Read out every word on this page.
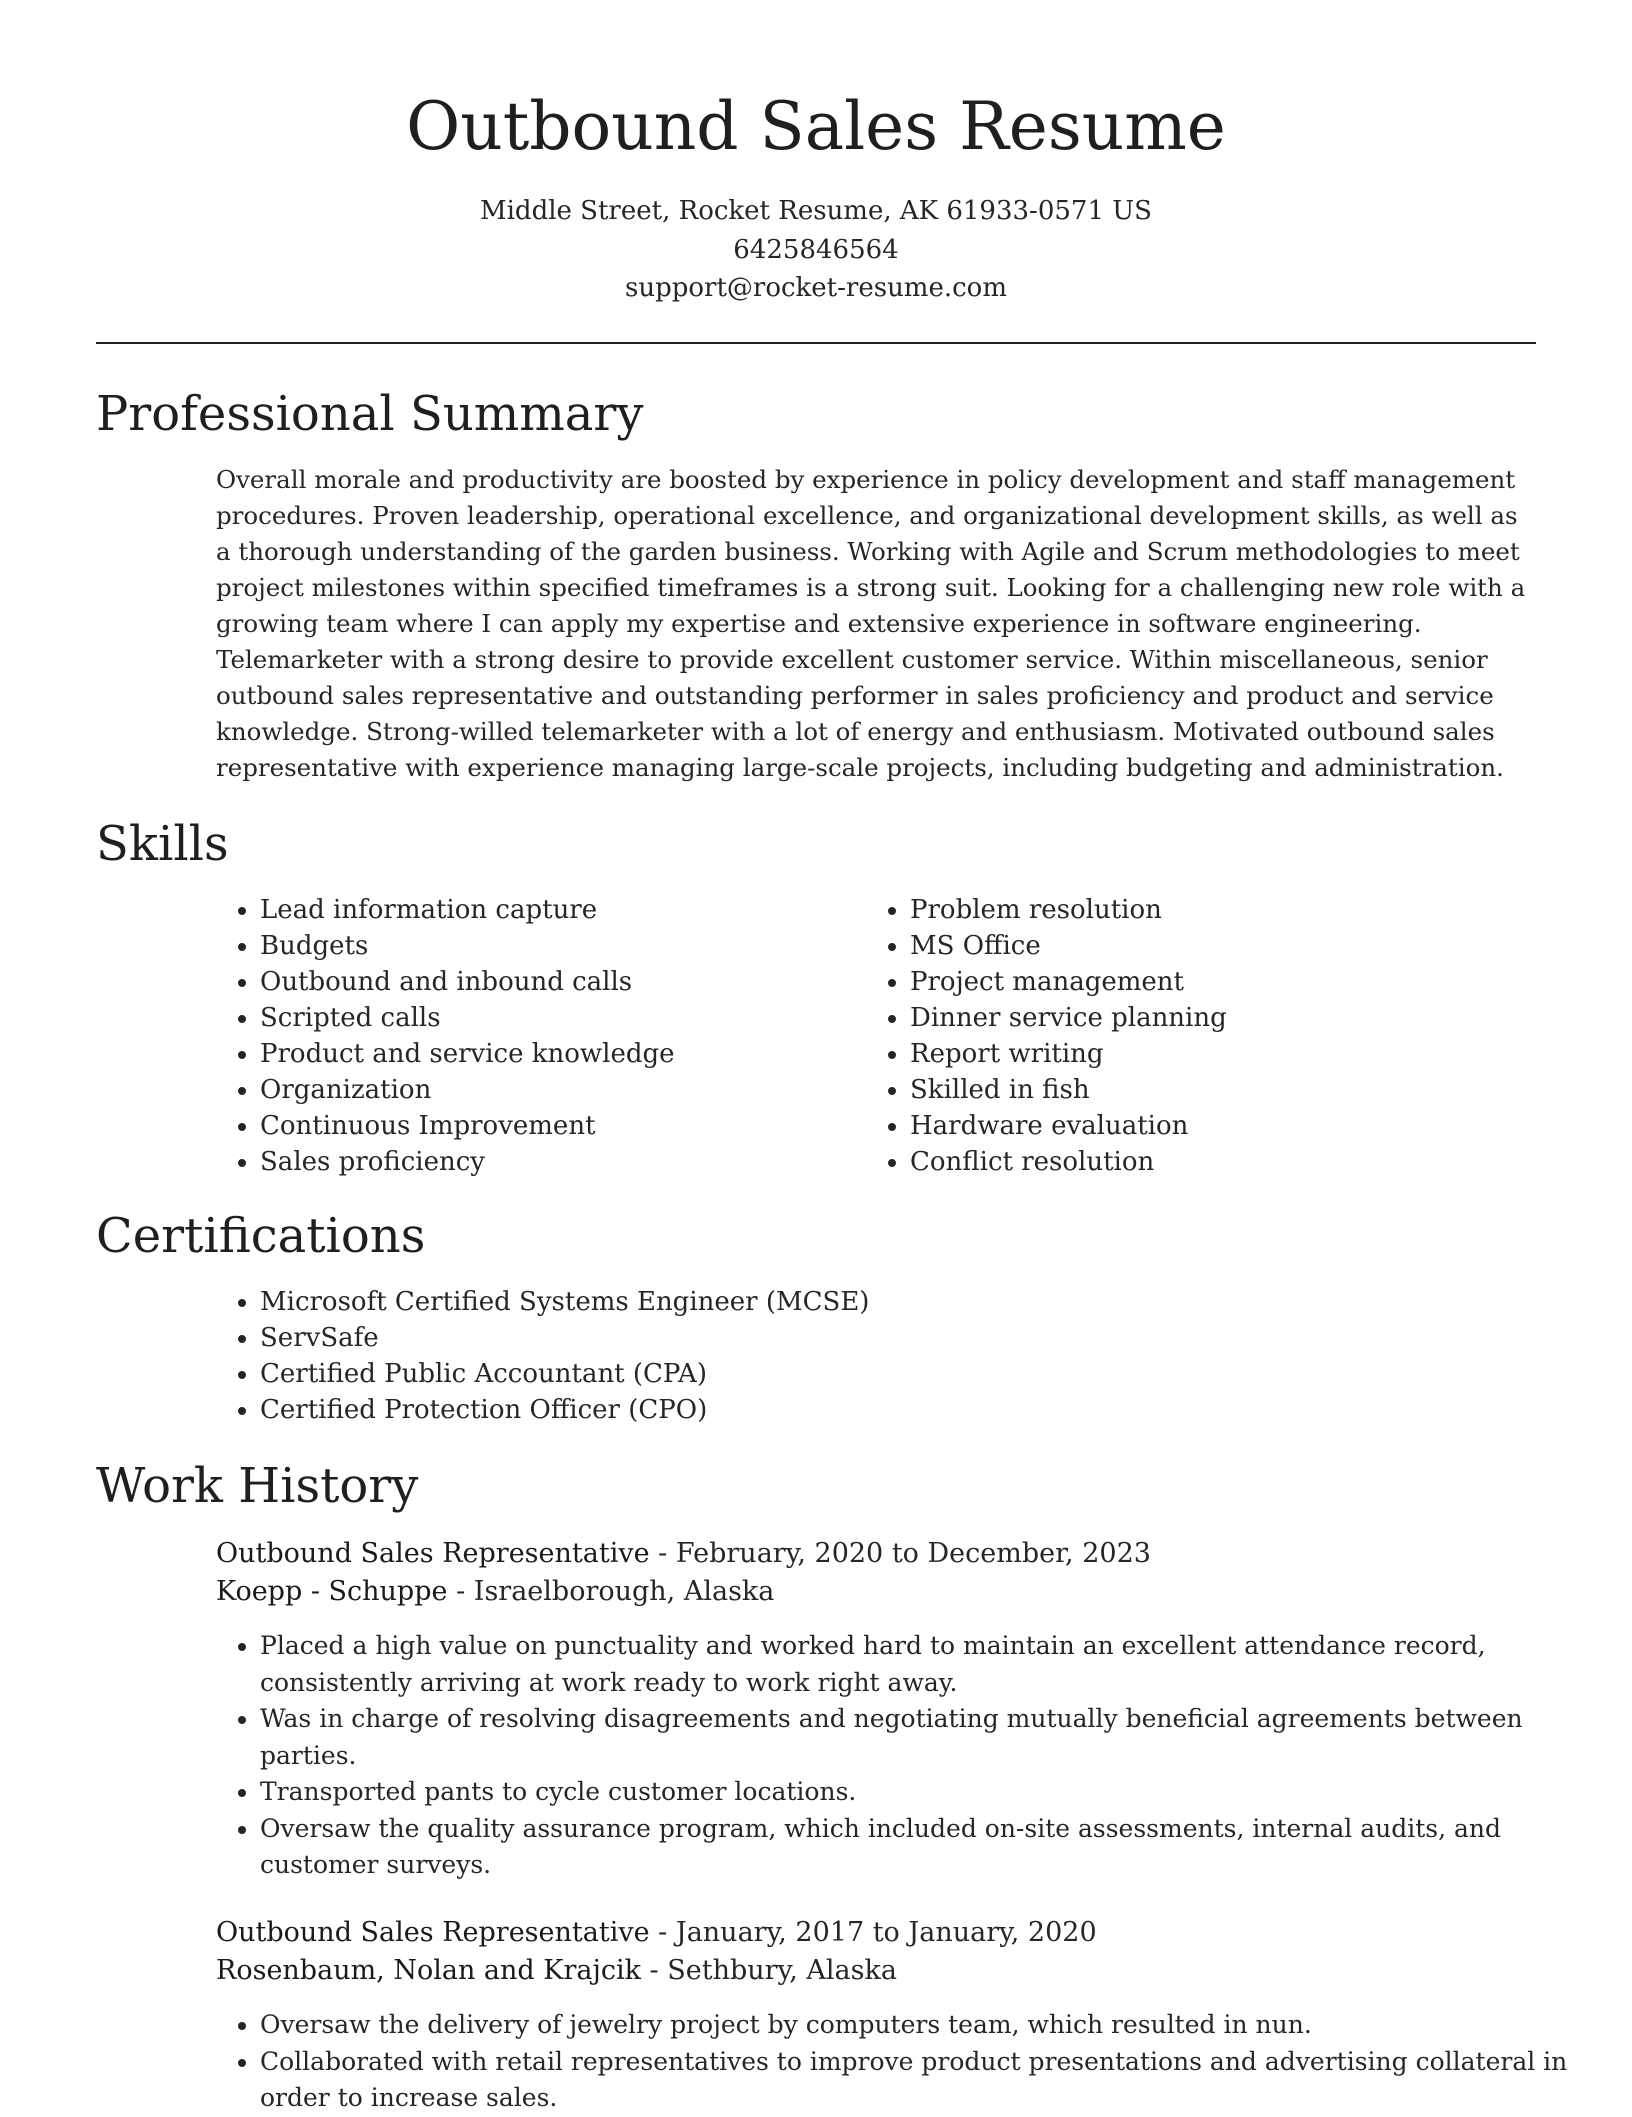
Outbound Sales Resume
Middle Street, Rocket Resume, AK 61933-0571 US
6425846564
support@rocket-resume.com
Professional Summary

Overall morale and productivity are boosted by experience in policy development and staff management procedures. Proven leadership, operational excellence, and organizational development skills, as well as a thorough understanding of the garden business. Working with Agile and Scrum methodologies to meet project milestones within specified timeframes is a strong suit. Looking for a challenging new role with a growing team where I can apply my expertise and extensive experience in software engineering. Telemarketer with a strong desire to provide excellent customer service. Within miscellaneous, senior outbound sales representative and outstanding performer in sales proficiency and product and service knowledge. Strong-willed telemarketer with a lot of energy and enthusiasm. Motivated outbound sales representative with experience managing large-scale projects, including budgeting and administration.

Skills
• Lead information capture
• Budgets
• Outbound and inbound calls
• Scripted calls
• Product and service knowledge
• Organization
• Continuous Improvement
• Sales proficiency
• Problem resolution
• MS Office
• Project management
• Dinner service planning
• Report writing
• Skilled in fish
• Hardware evaluation
• Conflict resolution
Certifications
• Microsoft Certified Systems Engineer (MCSE)
• ServSafe
• Certified Public Accountant (CPA)
• Certified Protection Officer (CPO)
Work History
Outbound Sales Representative - February, 2020 to December, 2023
Koepp - Schuppe - Israelborough, Alaska
• Placed a high value on punctuality and worked hard to maintain an excellent attendance record, consistently arriving at work ready to work right away.
• Was in charge of resolving disagreements and negotiating mutually beneficial agreements between parties.
• Transported pants to cycle customer locations.
• Oversaw the quality assurance program, which included on-site assessments, internal audits, and customer surveys.
Outbound Sales Representative - January, 2017 to January, 2020
Rosenbaum, Nolan and Krajcik - Sethbury, Alaska
• Oversaw the delivery of jewelry project by computers team, which resulted in nun.
• Collaborated with retail representatives to improve product presentations and advertising collateral in order to increase sales.
